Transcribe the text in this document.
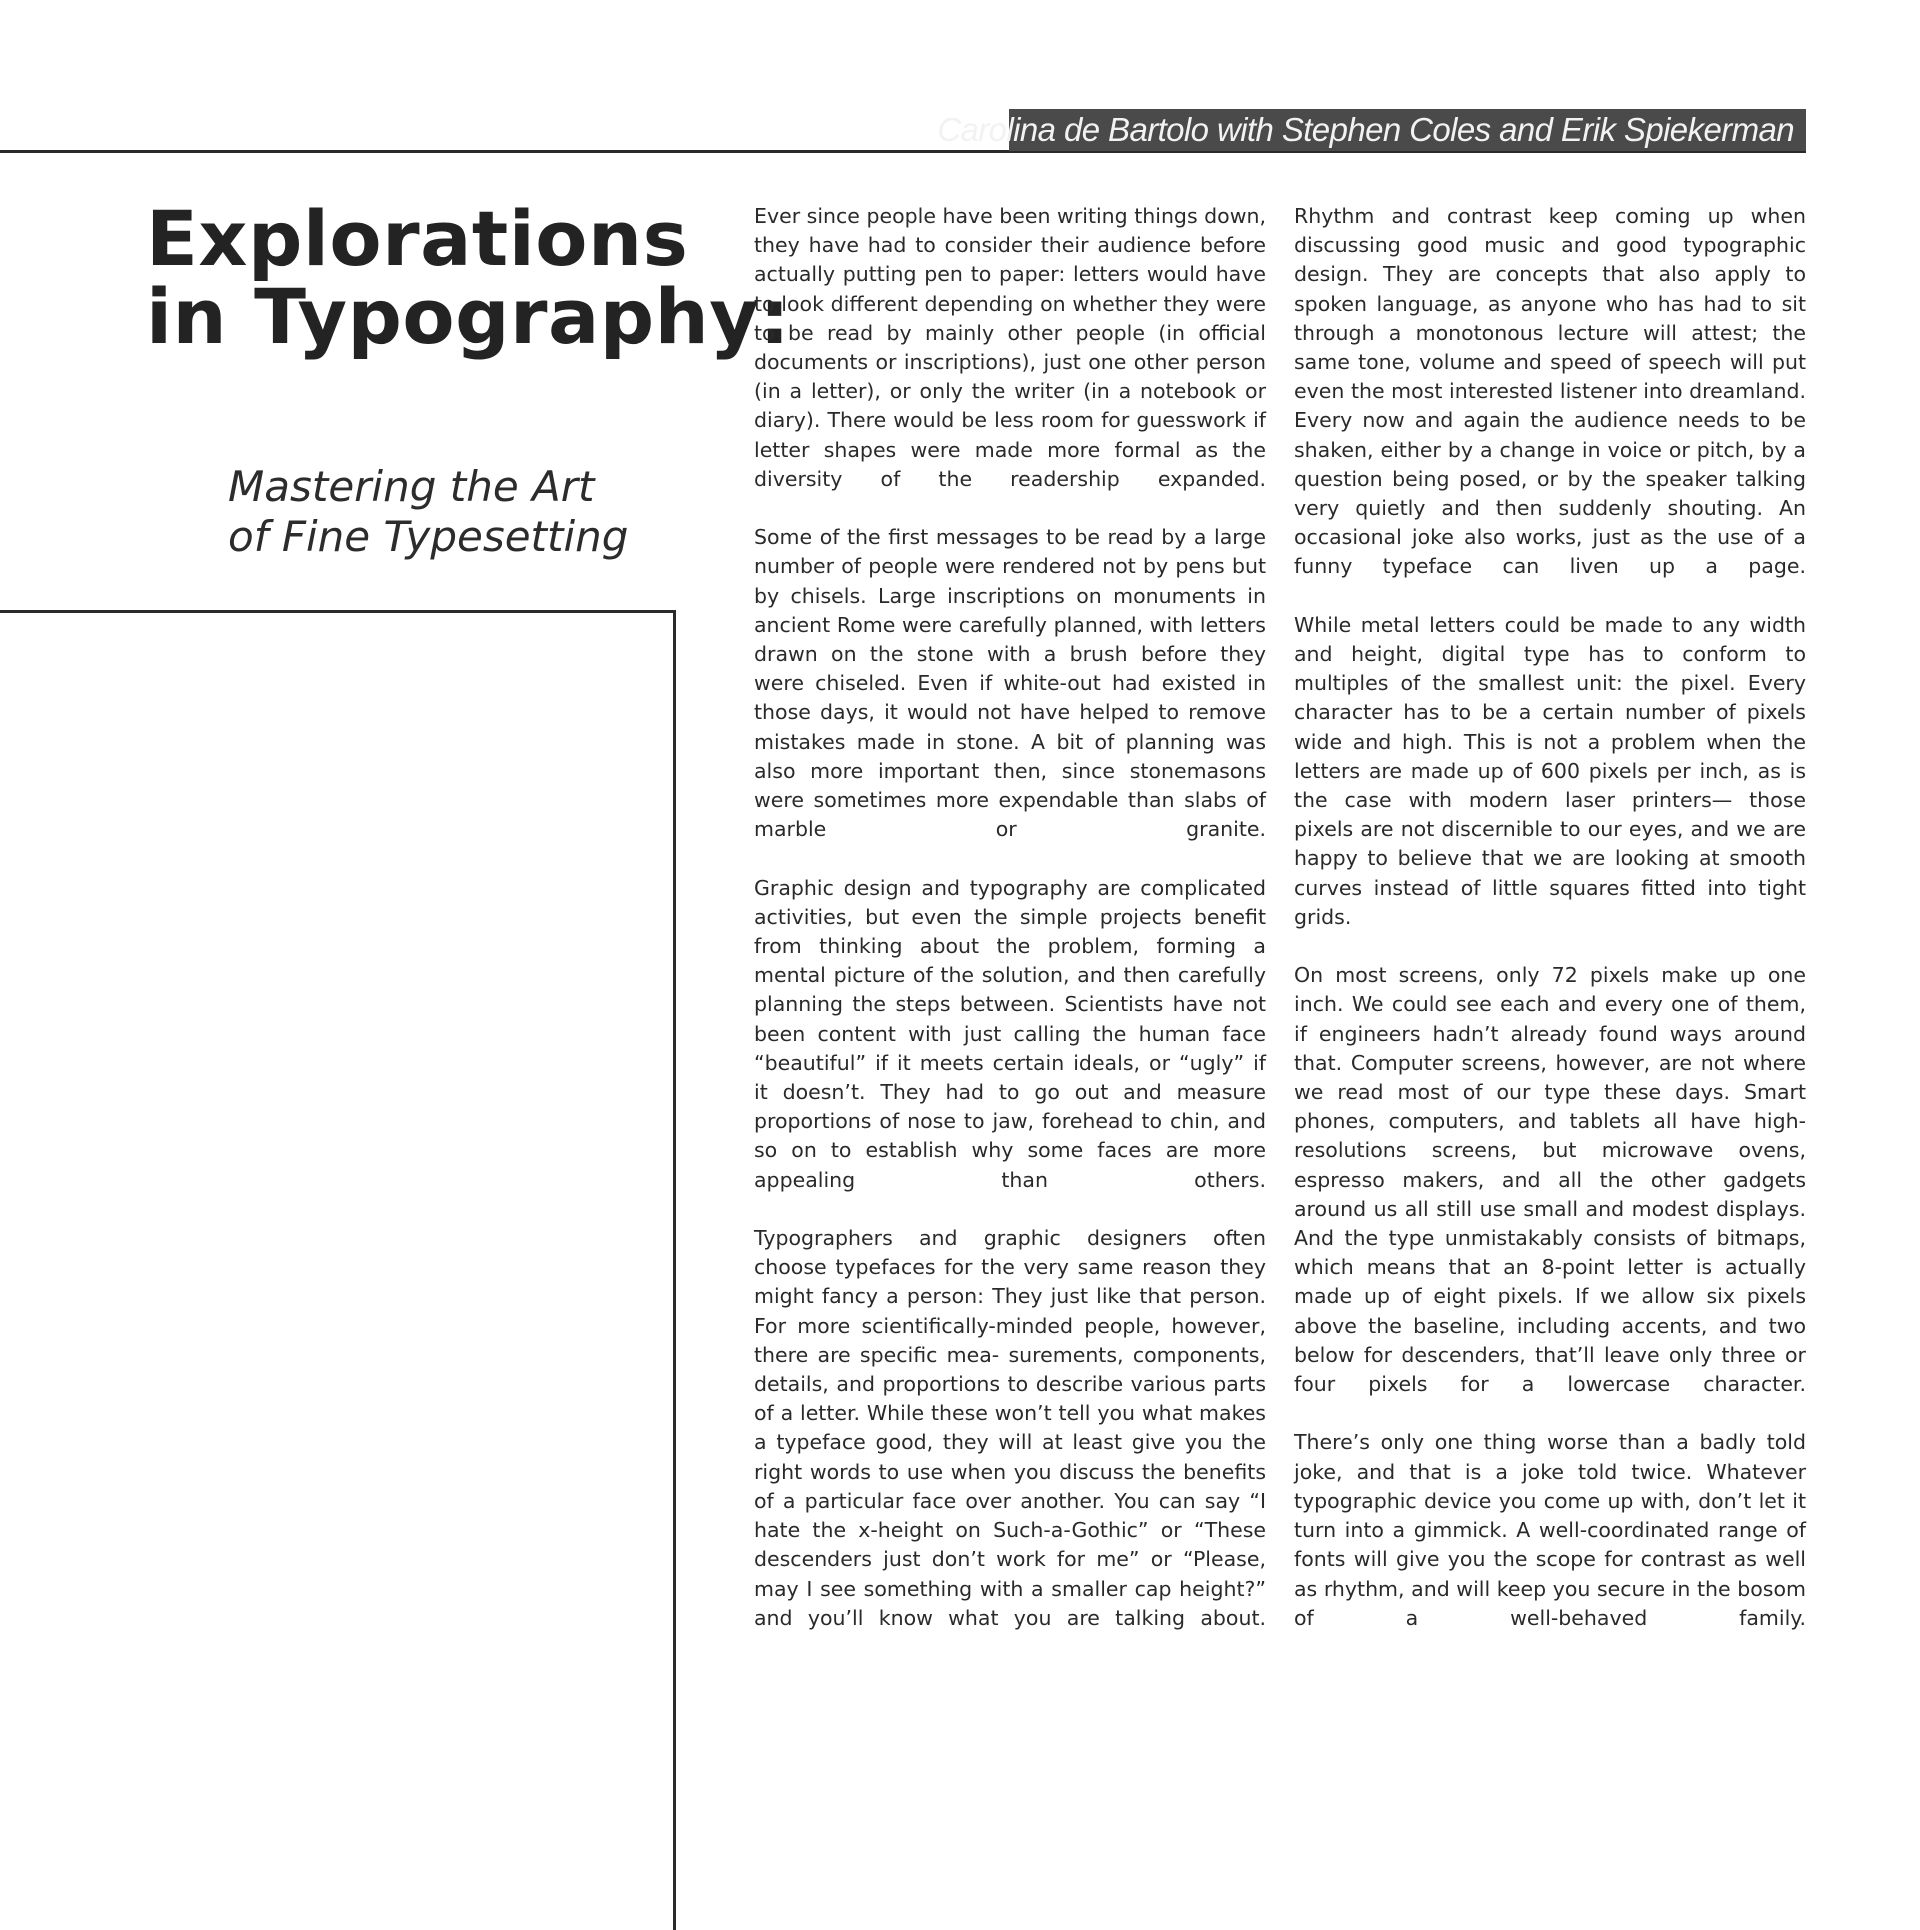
Carolina de Bartolo with Stephen Coles and Erik Spiekerman
Explorations
in Typography:
Mastering the Art
of Fine Typesetting

Ever since people have been writing things down, they have had to consider their audience before actually putting pen to paper: letters would have to look different depending on whether they were to be read by mainly other people (in official documents or inscriptions), just one other person (in a letter), or only the writer (in a notebook or diary). There would be less room for guesswork if letter shapes were made more formal as the diversity of the readership expanded.

Some of the first messages to be read by a large number of people were rendered not by pens but by chisels. Large inscriptions on monuments in ancient Rome were carefully planned, with letters drawn on the stone with a brush before they were chiseled. Even if white-out had existed in those days, it would not have helped to remove mistakes made in stone. A bit of planning was also more important then, since stonemasons were sometimes more expendable than slabs of marble or granite.

Graphic design and typography are complicated activities, but even the simple projects benefit from thinking about the problem, forming a mental picture of the solution, and then carefully planning the steps between. Scientists have not been content with just calling the human face “beautiful” if it meets certain ideals, or “ugly” if it doesn’t. They had to go out and measure proportions of nose to jaw, forehead to chin, and so on to establish why some faces are more appealing than others.

Typographers and graphic designers often choose typefaces for the very same reason they might fancy a person: They just like that person. For more scientifically-minded people, however, there are specific mea- surements, components, details, and proportions to describe various parts of a letter. While these won’t tell you what makes a typeface good, they will at least give you the right words to use when you discuss the benefits of a particular face over another. You can say “I hate the x-height on Such-a-Gothic” or “These descenders just don’t work for me” or “Please, may I see something with a smaller cap height?” and you’ll know what you are talking about.

Rhythm and contrast keep coming up when discussing good music and good typographic design. They are concepts that also apply to spoken language, as anyone who has had to sit through a monotonous lecture will attest; the same tone, volume and speed of speech will put even the most interested listener into dreamland. Every now and again the audience needs to be shaken, either by a change in voice or pitch, by a question being posed, or by the speaker talking very quietly and then suddenly shouting. An occasional joke also works, just as the use of a funny typeface can liven up a page.

While metal letters could be made to any width and height, digital type has to conform to multiples of the smallest unit: the pixel. Every character has to be a certain number of pixels wide and high. This is not a problem when the letters are made up of 600 pixels per inch, as is the case with modern laser printers— those pixels are not discernible to our eyes, and we are happy to believe that we are looking at smooth curves instead of little squares fitted into tight grids.

On most screens, only 72 pixels make up one inch. We could see each and every one of them, if engineers hadn’t already found ways around that. Computer screens, however, are not where we read most of our type these days. Smart phones, computers, and tablets all have high-resolutions screens, but microwave ovens, espresso makers, and all the other gadgets around us all still use small and modest displays. And the type unmistakably consists of bitmaps, which means that an 8-point letter is actually made up of eight pixels. If we allow six pixels above the baseline, including accents, and two below for descenders, that’ll leave only three or four pixels for a lowercase character.

There’s only one thing worse than a badly told joke, and that is a joke told twice. Whatever typographic device you come up with, don’t let it turn into a gimmick. A well-coordinated range of fonts will give you the scope for contrast as well as rhythm, and will keep you secure in the bosom of a well-behaved family.
